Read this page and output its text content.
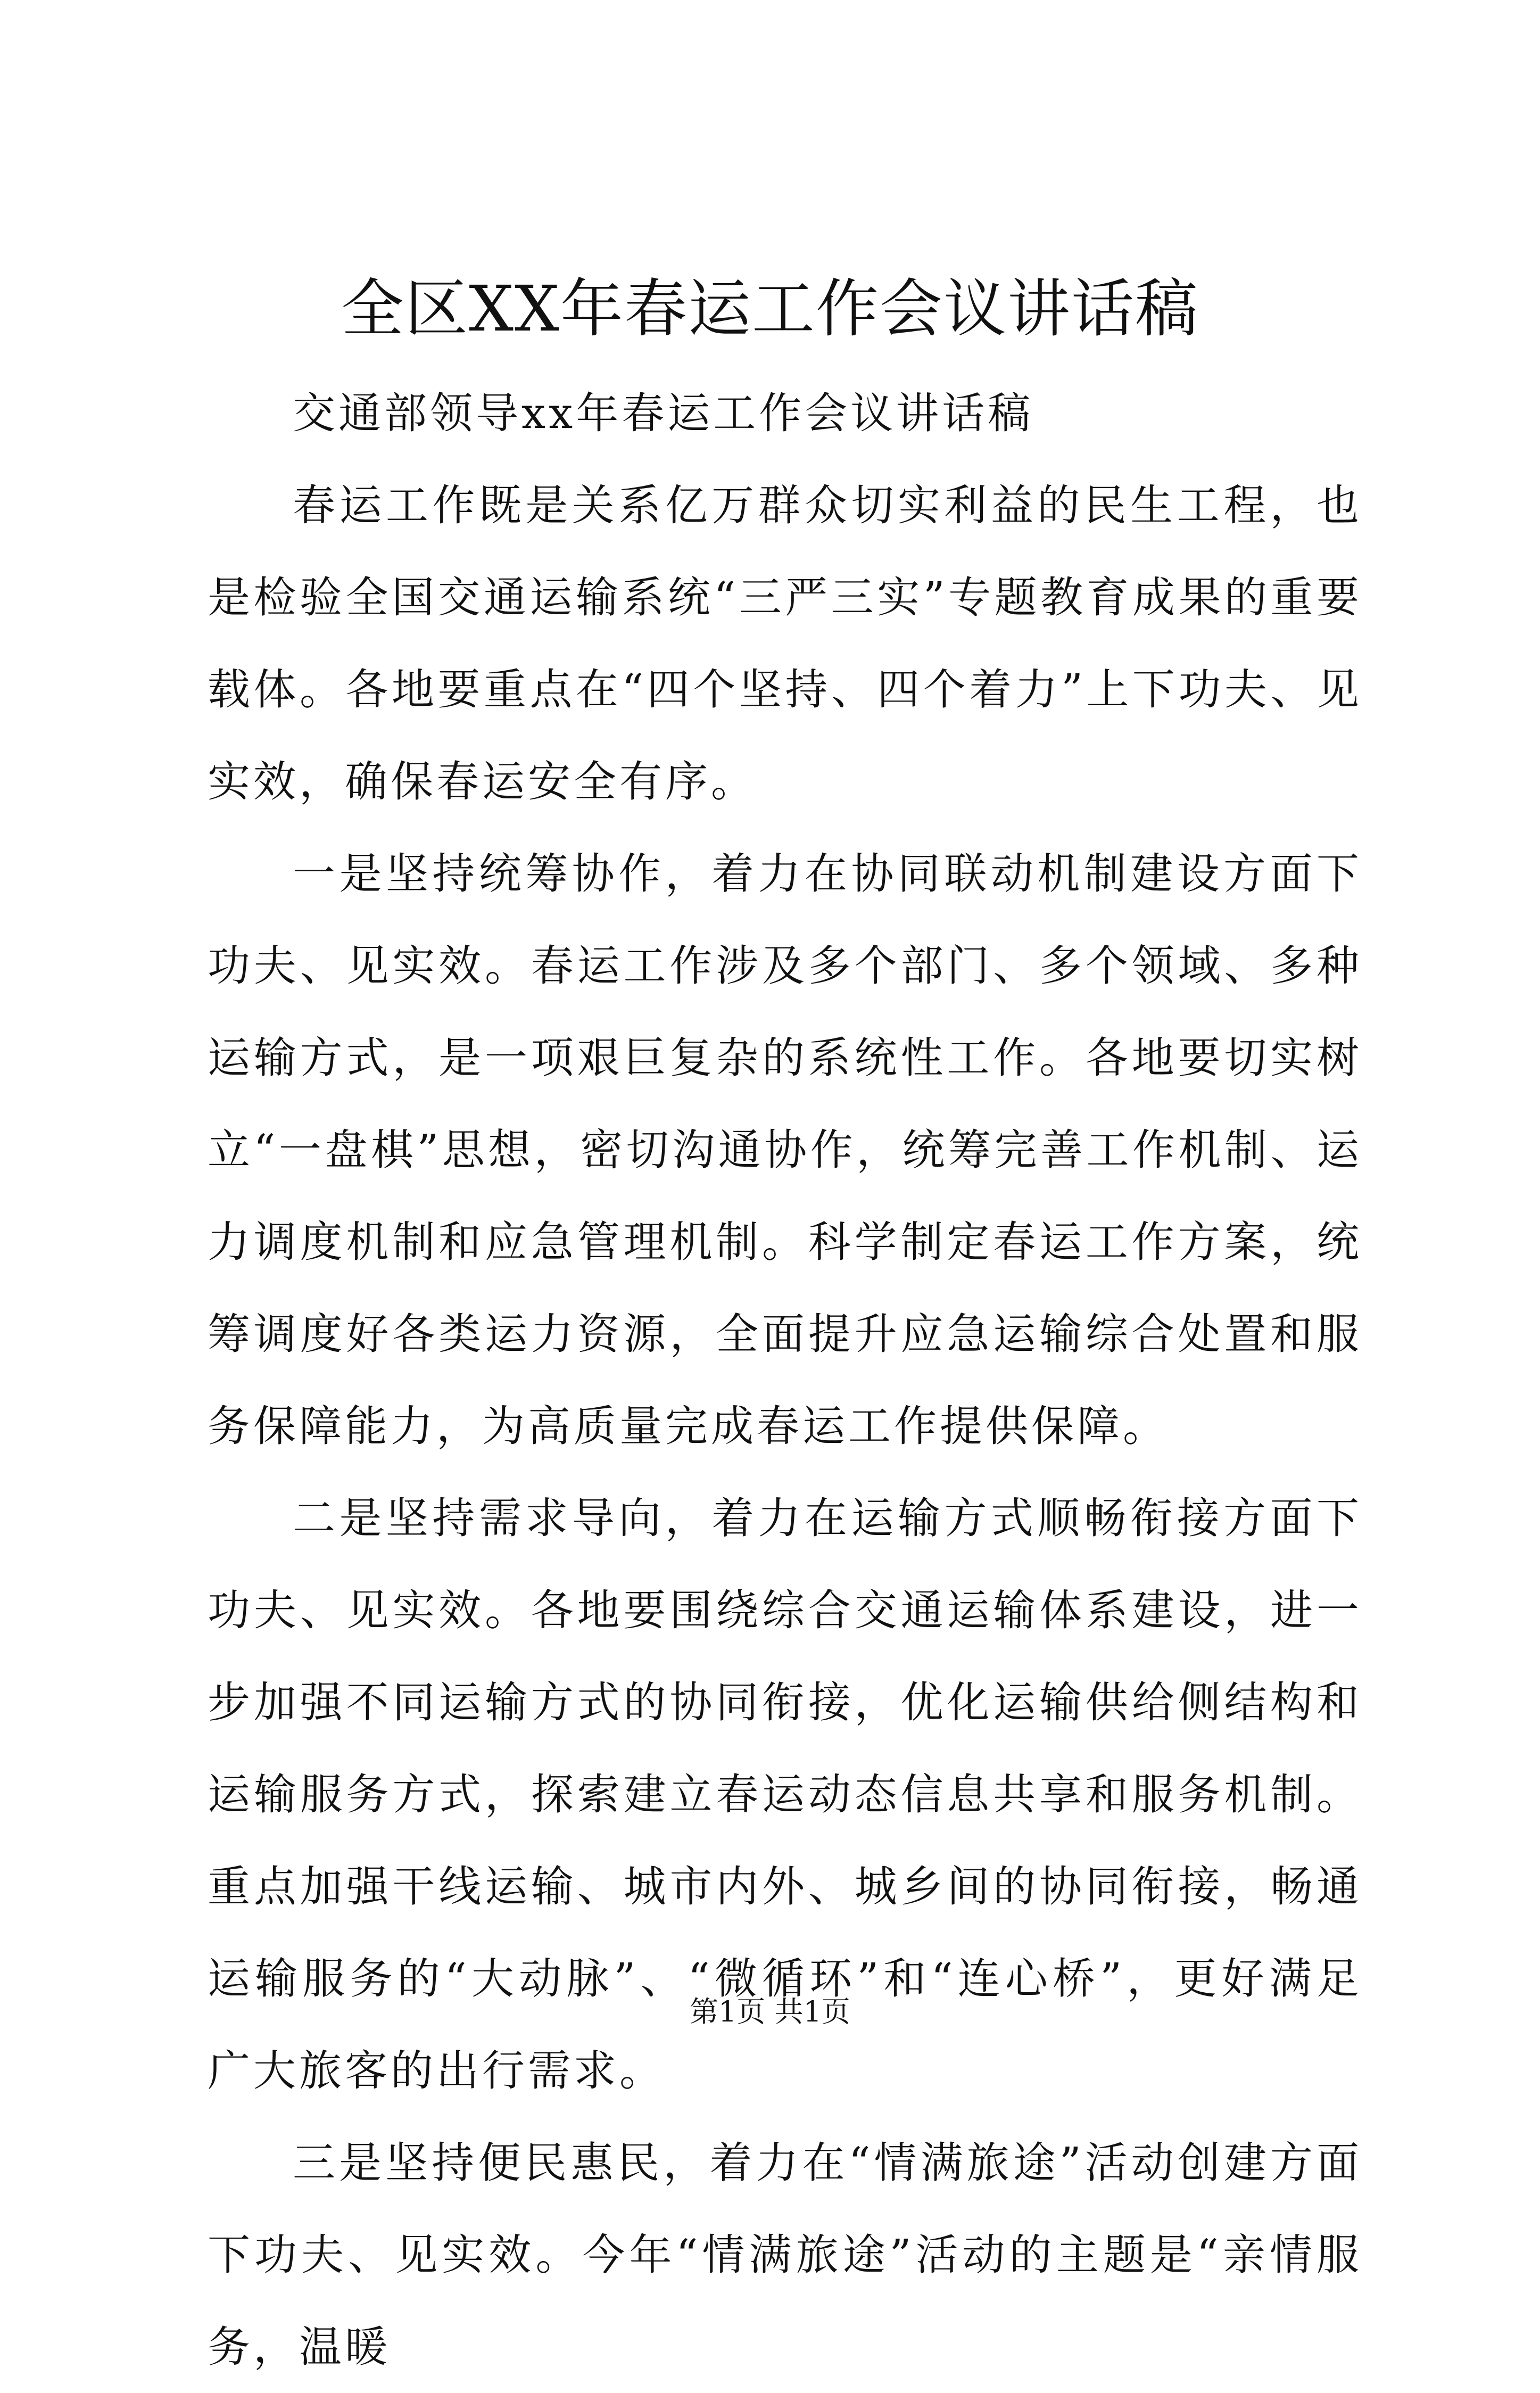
全区XX年春运工作会议讲话稿

交通部领导xx年春运工作会议讲话稿

春运工作既是关系亿万群众切实利益的民生工程，也是检验全国交通运输系统“三严三实”专题教育成果的重要载体。各地要重点在“四个坚持、四个着力”上下功夫、见实效，确保春运安全有序。

一是坚持统筹协作，着力在协同联动机制建设方面下功夫、见实效。春运工作涉及多个部门、多个领域、多种运输方式，是一项艰巨复杂的系统性工作。各地要切实树立“一盘棋”思想，密切沟通协作，统筹完善工作机制、运力调度机制和应急管理机制。科学制定春运工作方案，统筹调度好各类运力资源，全面提升应急运输综合处置和服务保障能力，为高质量完成春运工作提供保障。

二是坚持需求导向，着力在运输方式顺畅衔接方面下功夫、见实效。各地要围绕综合交通运输体系建设，进一步加强不同运输方式的协同衔接，优化运输供给侧结构和运输服务方式，探索建立春运动态信息共享和服务机制。重点加强干线运输、城市内外、城乡间的协同衔接，畅通运输服务的“大动脉”、“微循环”和“连心桥”，更好满足广大旅客的出行需求。

三是坚持便民惠民，着力在“情满旅途”活动创建方面下功夫、见实效。今年“情满旅途”活动的主题是“亲情服务，温暖

第1页 共1页
